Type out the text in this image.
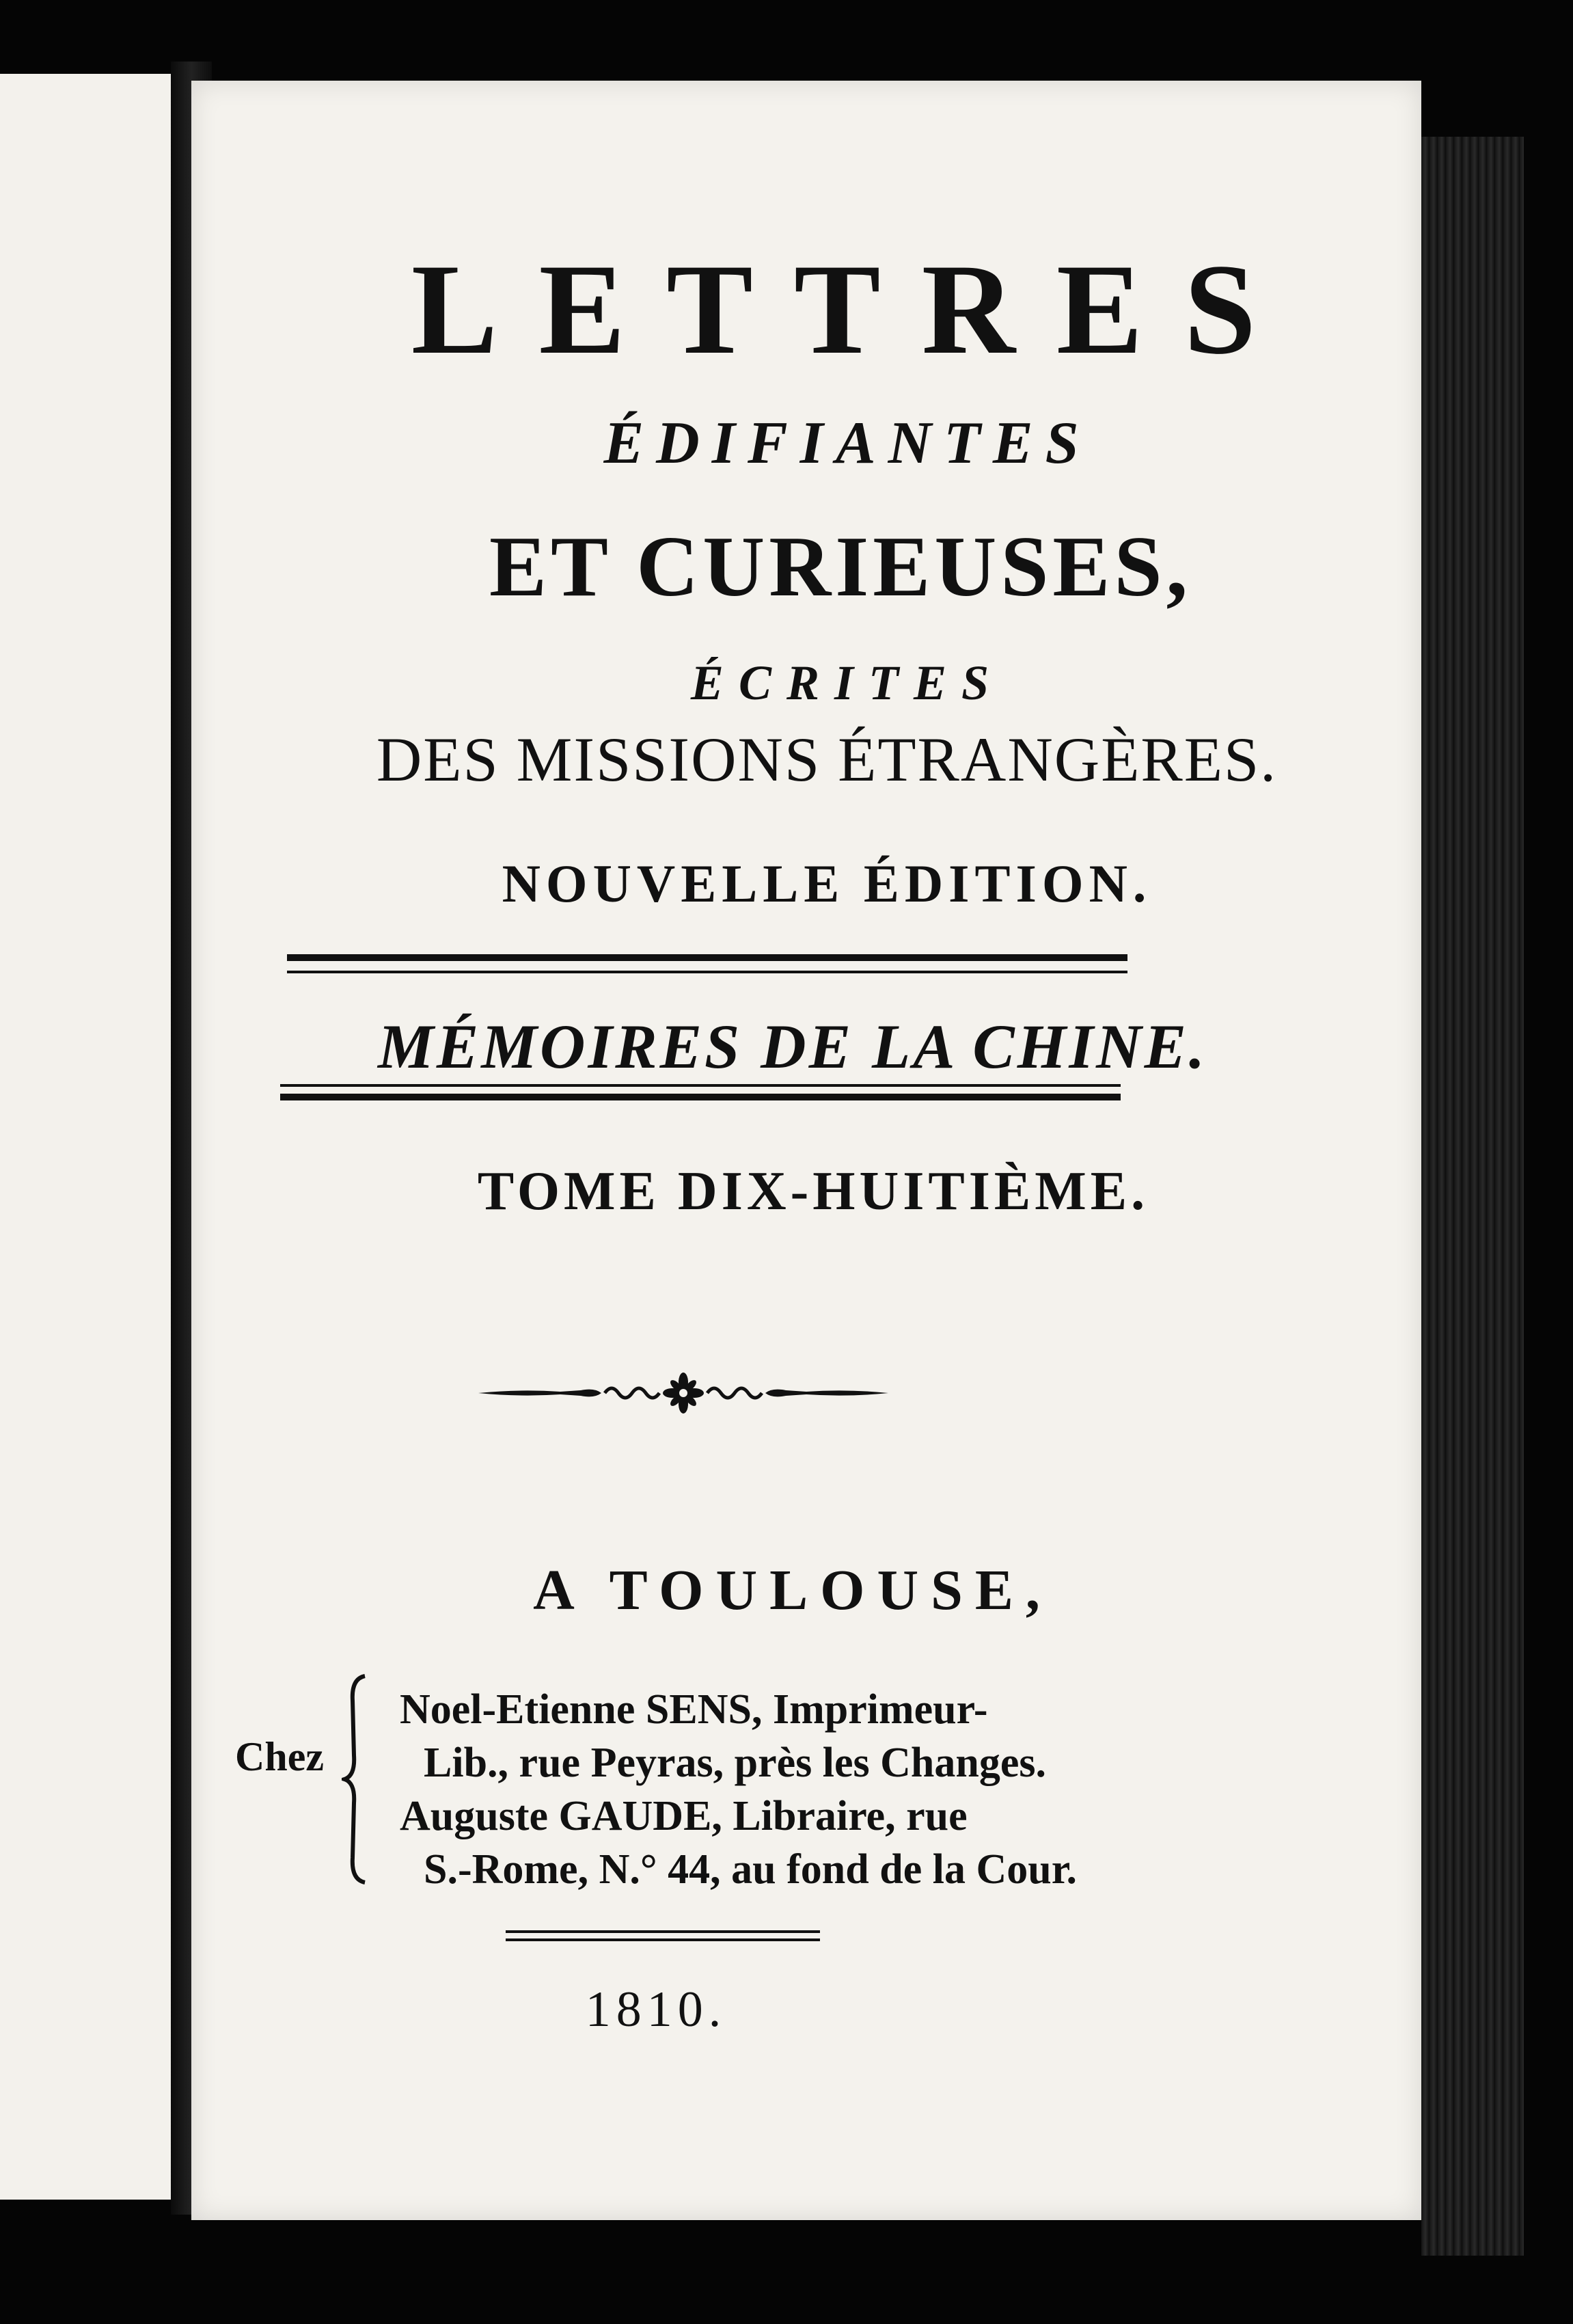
LETTRES
ÉDIFIANTES
ET CURIEUSES,
ÉCRITES
DES MISSIONS ÉTRANGÈRES.
NOUVELLE ÉDITION.
MÉMOIRES DE LA CHINE.
TOME DIX-HUITIÈME.
A TOULOUSE,
Chez
Noel-Etienne SENS, Imprimeur-
Lib., rue Peyras, près les Changes.
Auguste GAUDE, Libraire, rue
S.-Rome, N.° 44, au fond de la Cour.
1810.
